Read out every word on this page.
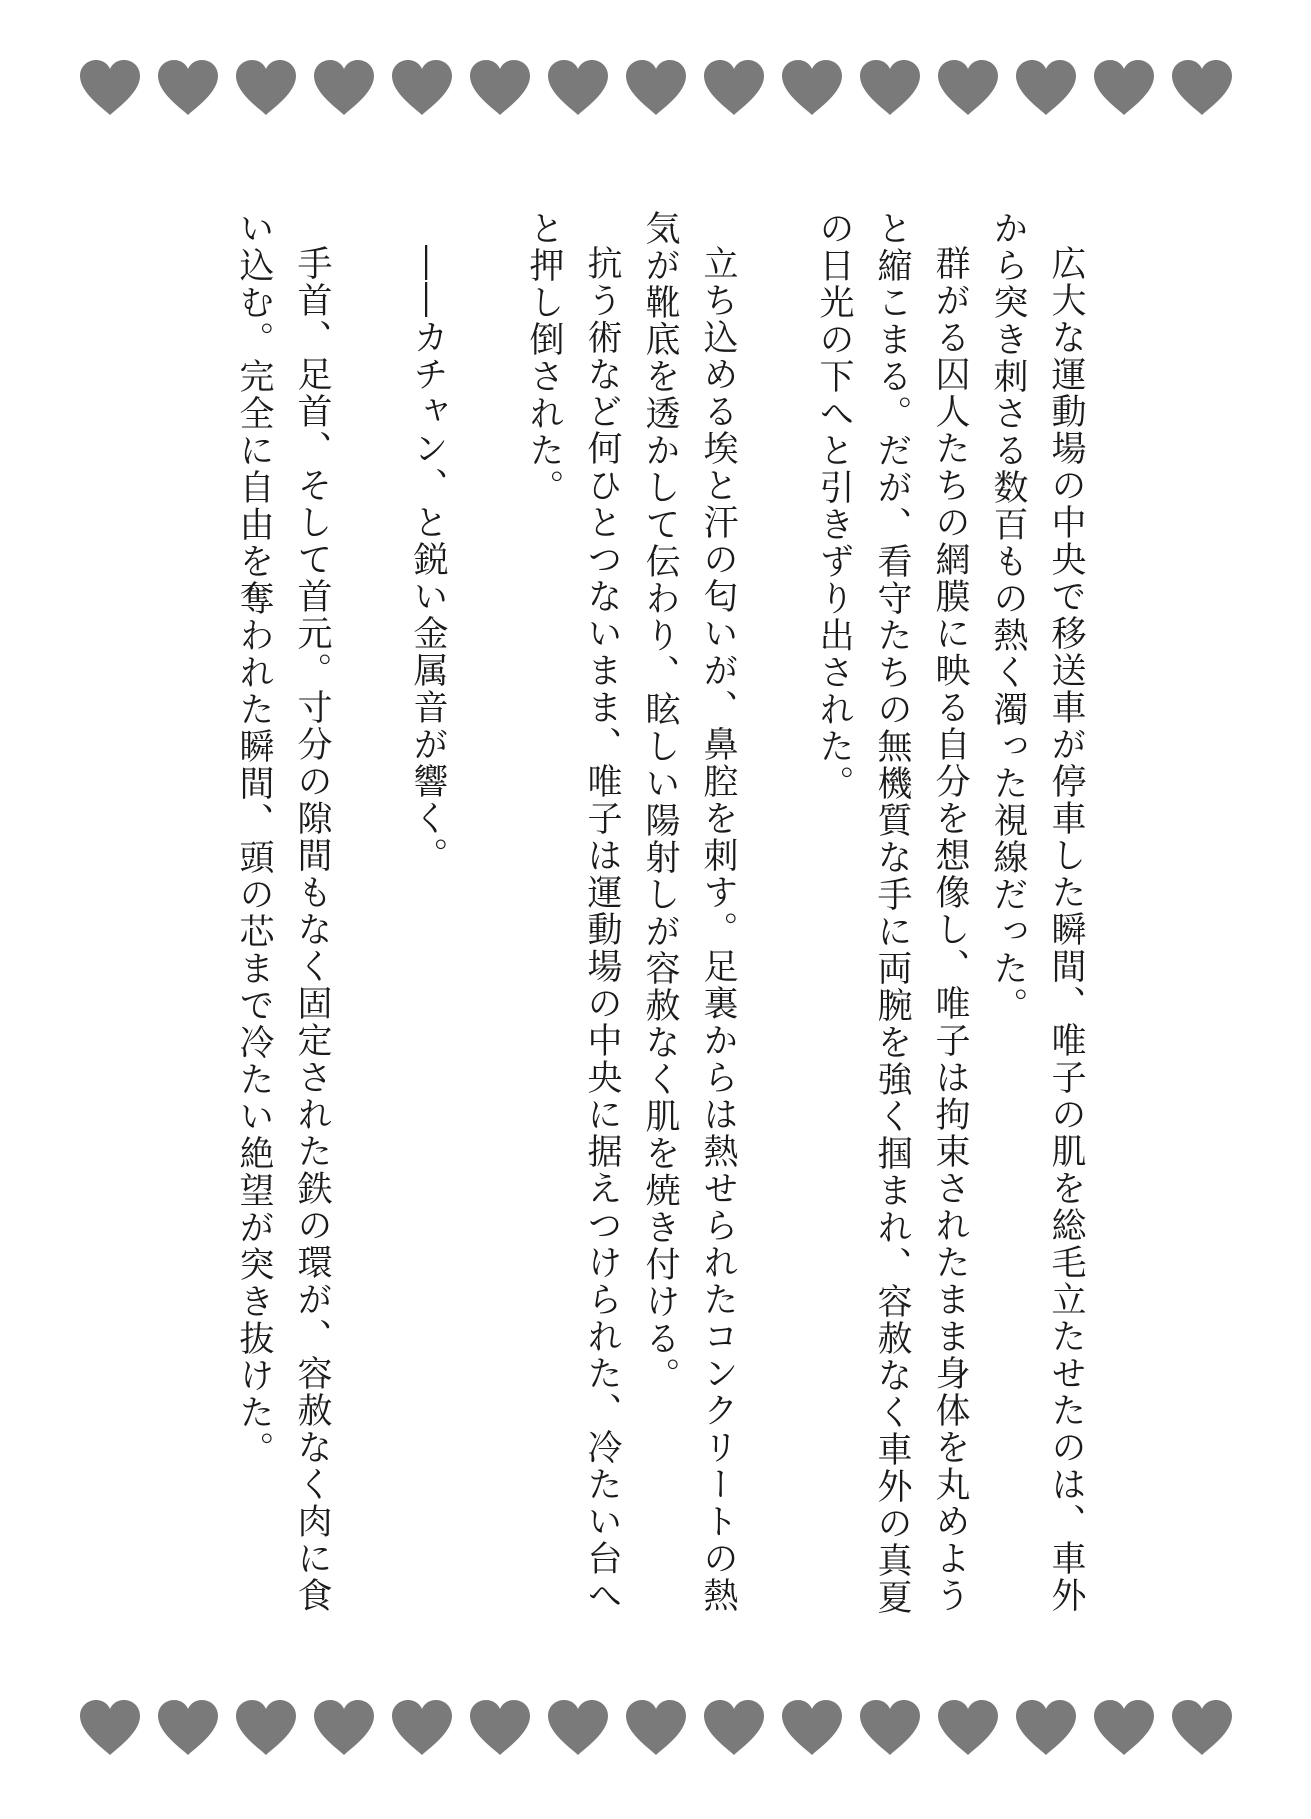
広大な運動場の中央で移送車が停車した瞬間、唯子の肌を総毛立たせたのは、車外から突き刺さる数百もの熱く濁った視線だった。

群がる囚人たちの網膜に映る自分を想像し、唯子は拘束されたまま身体を丸めようと縮こまる。だが、看守たちの無機質な手に両腕を強く掴まれ、容赦なく車外の真夏の日光の下へと引きずり出された。

立ち込める埃と汗の匂いが、鼻腔を刺す。足裏からは熱せられたコンクリートの熱気が靴底を透かして伝わり、眩しい陽射しが容赦なく肌を焼き付ける。

抗う術など何ひとつないまま、唯子は運動場の中央に据えつけられた、冷たい台へと押し倒された。

――カチャン、と鋭い金属音が響く。

手首、足首、そして首元。寸分の隙間もなく固定された鉄の環が、容赦なく肉に食い込む。完全に自由を奪われた瞬間、頭の芯まで冷たい絶望が突き抜けた。
